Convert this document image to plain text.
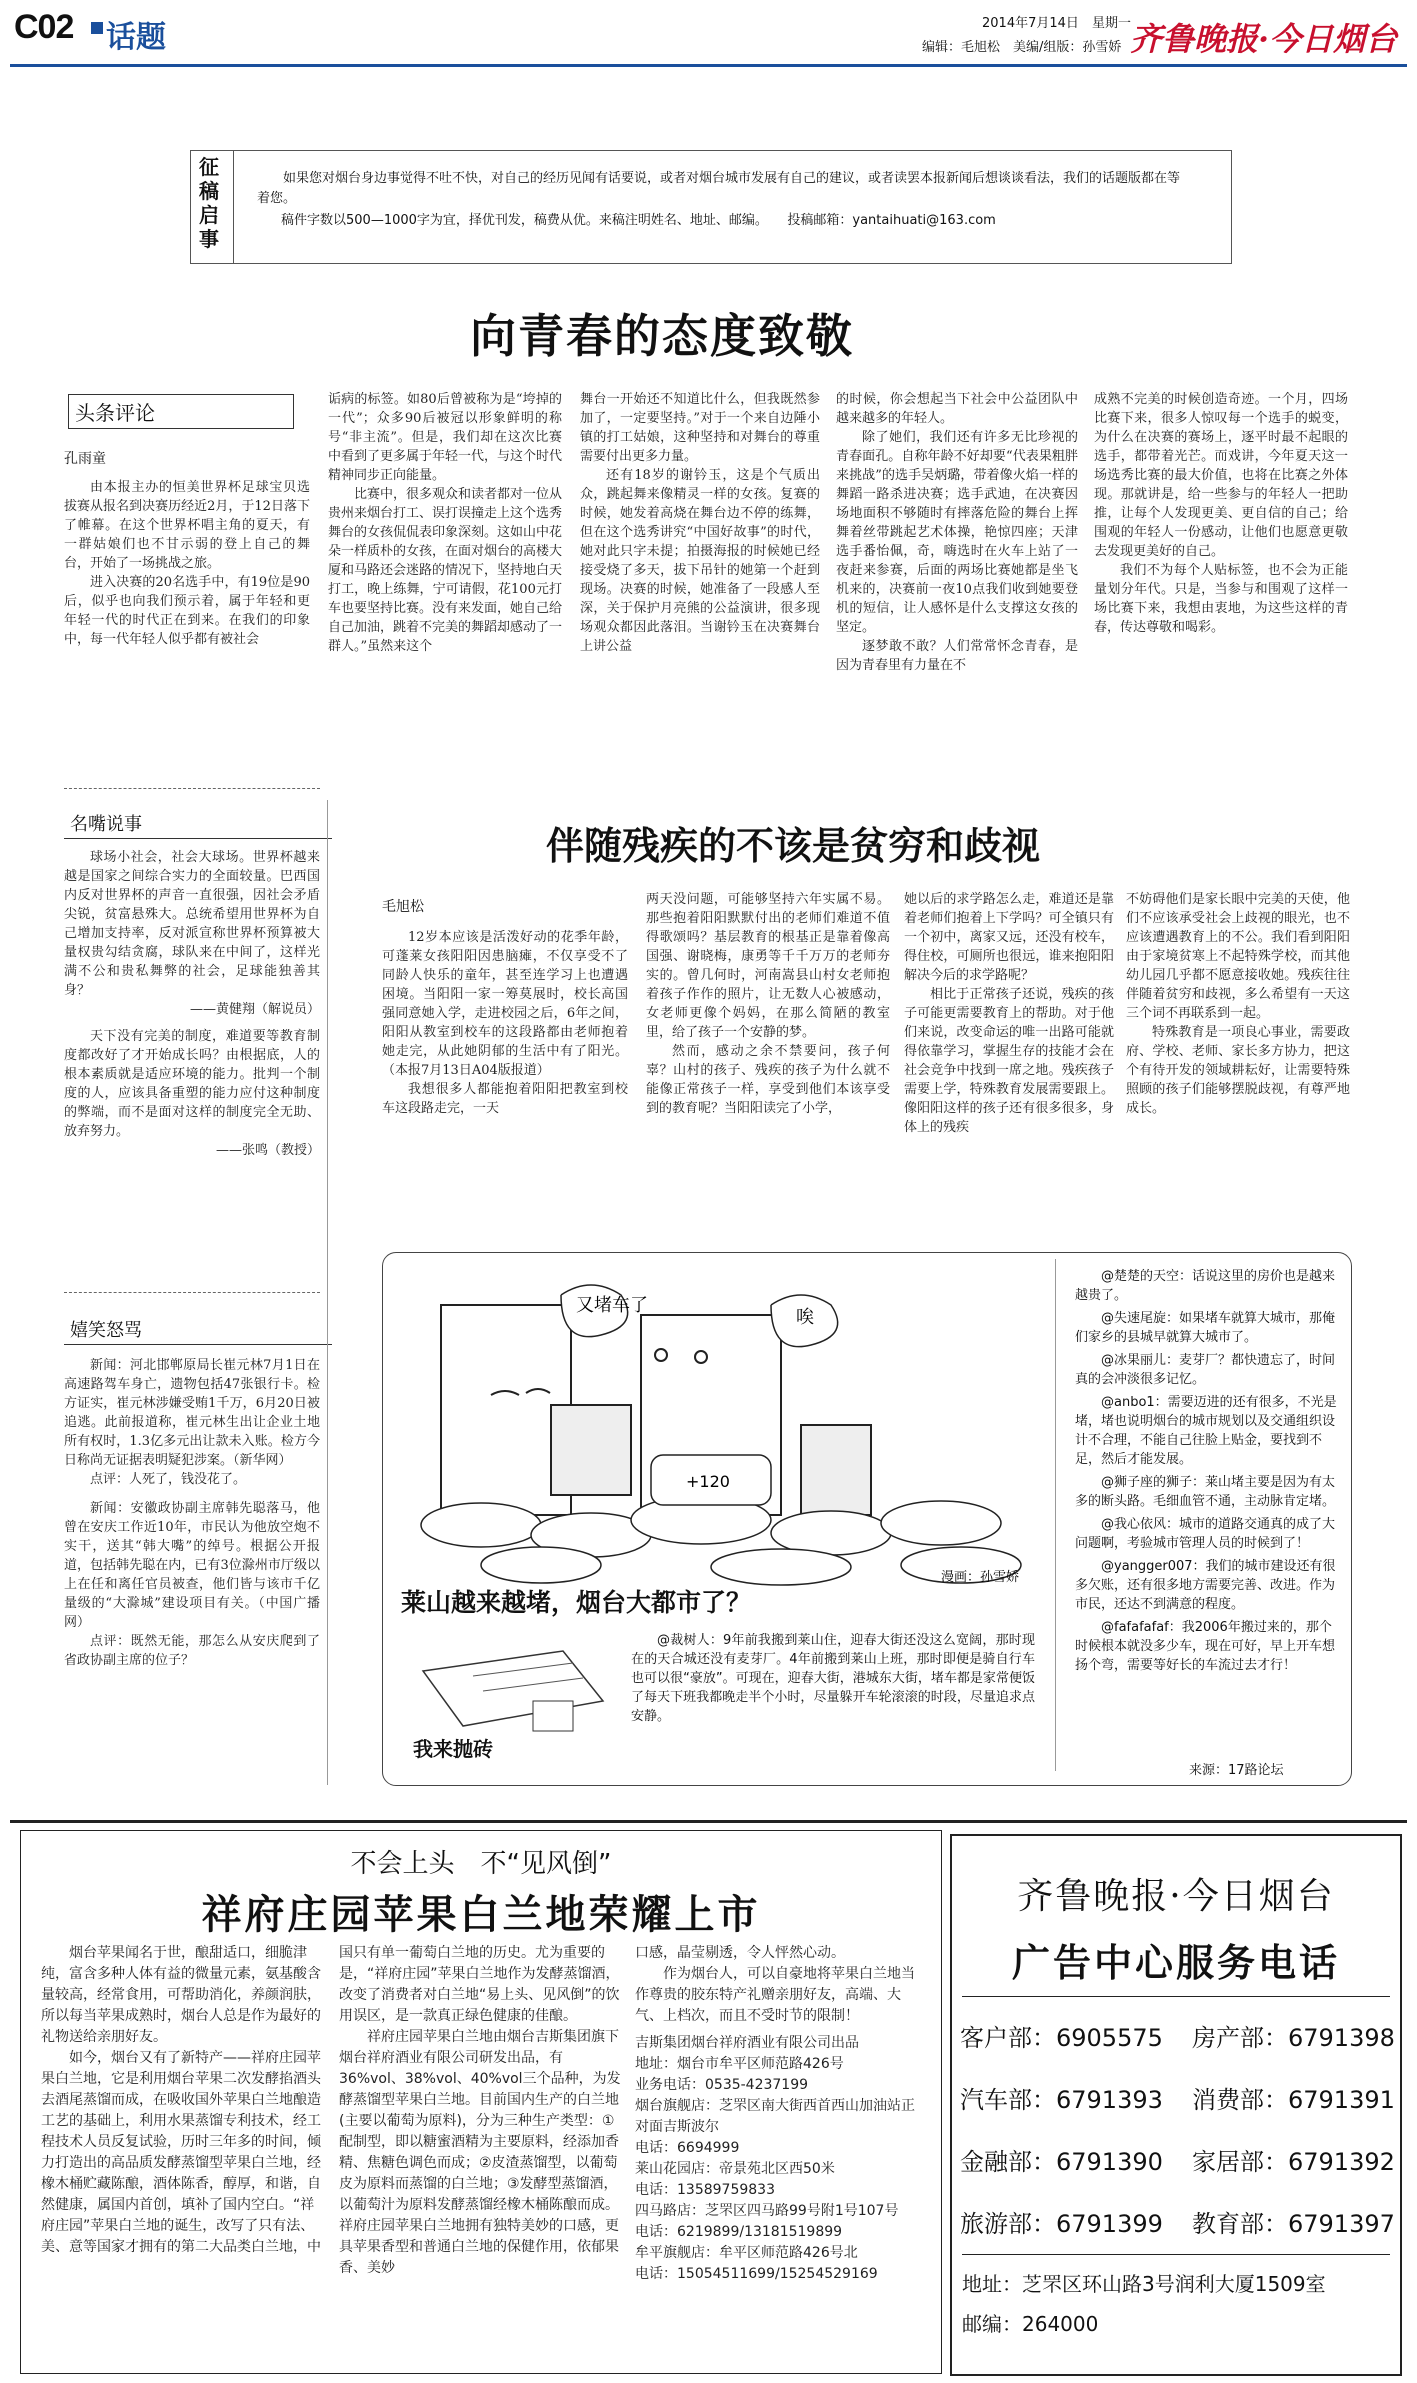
C02 话题	2014年7月14日 星期一
编辑：毛旭松　美编/组版：孙雪娇 齐鲁晚报·今日烟台
征稿启事
如果您对烟台身边事觉得不吐不快，对自己的经历见闻有话要说，或者对烟台城市发展有自己的建议，或者读罢本报新闻后想谈谈看法，我们的话题版都在等着您。
稿件字数以500—1000字为宜，择优刊发，稿费从优。来稿注明姓名、地址、邮编。　　投稿邮箱：yantaihuati@163.com
向青春的态度致敬
头条评论
孔雨童

由本报主办的恒美世界杯足球宝贝选拔赛从报名到决赛历经近2月，于12日落下了帷幕。在这个世界杯唱主角的夏天，有一群姑娘们也不甘示弱的登上自己的舞台，开始了一场挑战之旅。

进入决赛的20名选手中，有19位是90后，似乎也向我们预示着，属于年轻和更年轻一代的时代正在到来。在我们的印象中，每一代年轻人似乎都有被社会

诟病的标签。如80后曾被称为是“垮掉的一代”；众多90后被冠以形象鲜明的称号“非主流”。但是，我们却在这次比赛中看到了更多属于年轻一代，与这个时代精神同步正向能量。

比赛中，很多观众和读者都对一位从贵州来烟台打工、误打误撞走上这个选秀舞台的女孩侃侃表印象深刻。这如山中花朵一样质朴的女孩，在面对烟台的高楼大厦和马路还会迷路的情况下，坚持地白天打工，晚上练舞，宁可请假，花100元打车也要坚持比赛。没有来发面，她自己给自己加油，跳着不完美的舞蹈却感动了一群人。”虽然来这个

舞台一开始还不知道比什么，但我既然参加了，一定要坚持。”对于一个来自边陲小镇的打工姑娘，这种坚持和对舞台的尊重需要付出更多力量。

还有18岁的谢钤玉，这是个气质出众，跳起舞来像精灵一样的女孩。复赛的时候，她发着高烧在舞台边不停的练舞，但在这个选秀讲究“中国好故事”的时代，她对此只字未提；拍摄海报的时候她已经接受烧了多天，拔下吊针的她第一个赶到现场。决赛的时候，她准备了一段感人至深，关于保护月亮熊的公益演讲，很多现场观众都因此落泪。当谢钤玉在决赛舞台上讲公益

的时候，你会想起当下社会中公益团队中越来越多的年轻人。

除了她们，我们还有许多无比珍视的青春面孔。自称年龄不好却要“代表果粗胖来挑战”的选手吴炳璐，带着像火焰一样的舞蹈一路杀进决赛；选手武迪，在决赛因场地面积不够随时有摔落危险的舞台上挥舞着丝带跳起艺术体操，艳惊四座；天津选手番怡佩，奇，嗨选时在火车上站了一夜赶来参赛，后面的两场比赛她都是坐飞机来的，决赛前一夜10点我们收到她要登机的短信，让人感怀是什么支撑这女孩的坚定。

逐梦敢不敢？人们常常怀念青春，是因为青春里有力量在不

成熟不完美的时候创造奇迹。一个月，四场比赛下来，很多人惊叹每一个选手的蜕变，为什么在决赛的赛场上，逐平时最不起眼的选手，都带着光芒。而戏讲，今年夏天这一场选秀比赛的最大价值，也将在比赛之外体现。那就讲是，给一些参与的年轻人一把助推，让每个人发现更美、更自信的自己；给围观的年轻人一份感动，让他们也愿意更敬去发现更美好的自己。

我们不为每个人贴标签，也不会为正能量划分年代。只是，当参与和围观了这样一场比赛下来，我想由衷地，为这些这样的青春，传达尊敬和喝彩。

名嘴说事

球场小社会，社会大球场。世界杯越来越是国家之间综合实力的全面较量。巴西国内反对世界杯的声音一直很强，因社会矛盾尖锐，贫富悬殊大。总统希望用世界杯为自己增加支持率，反对派宣称世界杯预算被大量权贵勾结贪腐，球队来在中间了，这样光满不公和贵私舞弊的社会，足球能独善其身？

——黄健翔（解说员）

天下没有完美的制度，难道要等教育制度都改好了才开始成长吗？由根据底，人的根本素质就是适应环境的能力。批判一个制度的人，应该具备重塑的能力应付这种制度的弊端，而不是面对这样的制度完全无助、放弃努力。

——张鸣（教授）

嬉笑怒骂

新闻：河北邯郸原局长崔元林7月1日在高速路驾车身亡，遗物包括47张银行卡。检方证实，崔元林涉嫌受贿1千万，6月20日被追逃。此前报道称，崔元林生出让企业土地所有权时，1.3亿多元出让款未入账。检方今日称尚无证据表明疑犯涉案。（新华网）

点评：人死了，钱没花了。

新闻：安徽政协副主席韩先聪落马，他曾在安庆工作近10年，市民认为他放空炮不实干，送其“韩大嘴”的绰号。根据公开报道，包括韩先聪在内，已有3位滁州市厅级以上在任和离任官员被查，他们皆与该市千亿量级的“大滁城”建设项目有关。（中国广播网）

点评：既然无能，那怎么从安庆爬到了省政协副主席的位子？

伴随残疾的不该是贫穷和歧视
毛旭松

12岁本应该是活泼好动的花季年龄，可蓬莱女孩阳阳因患脑瘫，不仅享受不了同龄人快乐的童年，甚至连学习上也遭遇困境。当阳阳一家一筹莫展时，校长高国强同意她入学，走进校园之后，6年之间，阳阳从教室到校车的这段路都由老师抱着她走完，从此她阴郁的生活中有了阳光。（本报7月13日A04版报道）

我想很多人都能抱着阳阳把教室到校车这段路走完，一天

两天没问题，可能够坚持六年实属不易。那些抱着阳阳默默付出的老师们难道不值得歌颂吗？基层教育的根基正是靠着像高国强、谢晓梅，康勇等千千万万的老师夯实的。曾几何时，河南嵩县山村女老师抱着孩子作作的照片，让无数人心被感动，女老师更像个妈妈，在那么简陋的教室里，给了孩子一个安静的梦。

然而，感动之余不禁要问，孩子何辜？山村的孩子、残疾的孩子为什么就不能像正常孩子一样，享受到他们本该享受到的教育呢？当阳阳读完了小学，

她以后的求学路怎么走，难道还是靠着老师们抱着上下学吗？可全镇只有一个初中，离家又远，还没有校车，得住校，可厕所也很远，谁来抱阳阳解决今后的求学路呢？

相比于正常孩子还说，残疾的孩子可能更需要教育上的帮助。对于他们来说，改变命运的唯一出路可能就得依靠学习，掌握生存的技能才会在社会竞争中找到一席之地。残疾孩子需要上学，特殊教育发展需要跟上。像阳阳这样的孩子还有很多很多，身体上的残疾

不妨碍他们是家长眼中完美的天使，他们不应该承受社会上歧视的眼光，也不应该遭遇教育上的不公。我们看到阳阳由于家境贫寒上不起特殊学校，而其他幼儿园几乎都不愿意接收她。残疾往往伴随着贫穷和歧视，多么希望有一天这三个词不再联系到一起。

特殊教育是一项良心事业，需要政府、学校、老师、家长多方协力，把这个有待开发的领域耕耘好，让需要特殊照顾的孩子们能够摆脱歧视，有尊严地成长。

又堵车了
唉
+120
漫画：孙雪娇
莱山越来越堵，烟台大都市了？
我来抛砖
@裁树人：9年前我搬到莱山住，迎春大街还没这么宽阔，那时现在的天合城还没有麦芽厂。4年前搬到莱山上班，那时即便是骑自行车也可以很“豪放”。可现在，迎春大街，港城东大街，堵车都是家常便饭了每天下班我都晚走半个小时，尽量躲开车轮滚滚的时段，尽量追求点安静。

@楚楚的天空：话说这里的房价也是越来越贵了。

@失速尾旋：如果堵车就算大城市，那俺们家乡的县城早就算大城市了。

@冰果丽儿：麦芽厂？都快遗忘了，时间真的会冲淡很多记忆。

@anbo1：需要迈进的还有很多，不光是堵，堵也说明烟台的城市规划以及交通组织设计不合理，不能自己往脸上贴金，要找到不足，然后才能发展。

@狮子座的狮子：莱山堵主要是因为有太多的断头路。毛细血管不通，主动脉肯定堵。

@我心依风：城市的道路交通真的成了大问题啊，考验城市管理人员的时候到了！

@yangger007：我们的城市建设还有很多欠账，还有很多地方需要完善、改进。作为市民，还达不到满意的程度。

@fafafafaf：我2006年搬过来的，那个时候根本就没多少车，现在可好，早上开车想扬个弯，需要等好长的车流过去才行！

来源：17路论坛
不会上头　不“见风倒”
祥府庄园苹果白兰地荣耀上市

烟台苹果闻名于世，酿甜适口，细脆津纯，富含多种人体有益的微量元素，氨基酸含量较高，经常食用，可帮助消化，养颜润肤，所以每当苹果成熟时，烟台人总是作为最好的礼物送给亲朋好友。

如今，烟台又有了新特产——祥府庄园苹果白兰地，它是利用烟台苹果二次发酵掐酒头去酒尾蒸馏而成，在吸收国外苹果白兰地酿造工艺的基础上，利用水果蒸馏专利技术，经工程技术人员反复试验，历时三年多的时间，倾力打造出的高品质发酵蒸馏型苹果白兰地，经橡木桶贮藏陈酿，酒体陈香，醇厚，和谐，自然健康，属国内首创，填补了国内空白。“祥府庄园”苹果白兰地的诞生，改写了只有法、美、意等国家才拥有的第二大品类白兰地，中

国只有单一葡萄白兰地的历史。尤为重要的是，“祥府庄园”苹果白兰地作为发酵蒸馏酒，改变了消费者对白兰地“易上头、见风倒”的饮用误区，是一款真正绿色健康的佳酿。

祥府庄园苹果白兰地由烟台吉斯集团旗下烟台祥府酒业有限公司研发出品，有36%vol、38%vol、40%vol三个品种，为发酵蒸馏型苹果白兰地。目前国内生产的白兰地(主要以葡萄为原料)，分为三种生产类型：①配制型，即以糖蜜酒精为主要原料，经添加香精、焦糖色调色而成；②皮渣蒸馏型，以葡萄皮为原料而蒸馏的白兰地；③发酵型蒸馏酒，以葡萄汁为原料发酵蒸馏经橡木桶陈酿而成。祥府庄园苹果白兰地拥有独特美妙的口感，更具苹果香型和普通白兰地的保健作用，依郁果香、美妙

口感，晶莹剔透，令人怦然心动。

作为烟台人，可以自豪地将苹果白兰地当作尊贵的胶东特产礼赠亲朋好友，高端、大气、上档次，而且不受时节的限制！

吉斯集团烟台祥府酒业有限公司出品

地址：烟台市牟平区师范路426号

业务电话：0535-4237199

烟台旗舰店：芝罘区南大街西首西山加油站正对面吉斯波尔

电话：6694999

莱山花园店：帝景苑北区西50米

电话：13589759833

四马路店：芝罘区四马路99号附1号107号

电话：6219899/13181519899

牟平旗舰店：牟平区师范路426号北

电话：15054511699/15254529169

齐鲁晚报·今日烟台
广告中心服务电话
客户部：6905575 房产部：6791398
汽车部：6791393 消费部：6791391
金融部：6791390 家居部：6791392
旅游部：6791399 教育部：6791397
地址：芝罘区环山路3号润利大厦1509室
邮编：264000
